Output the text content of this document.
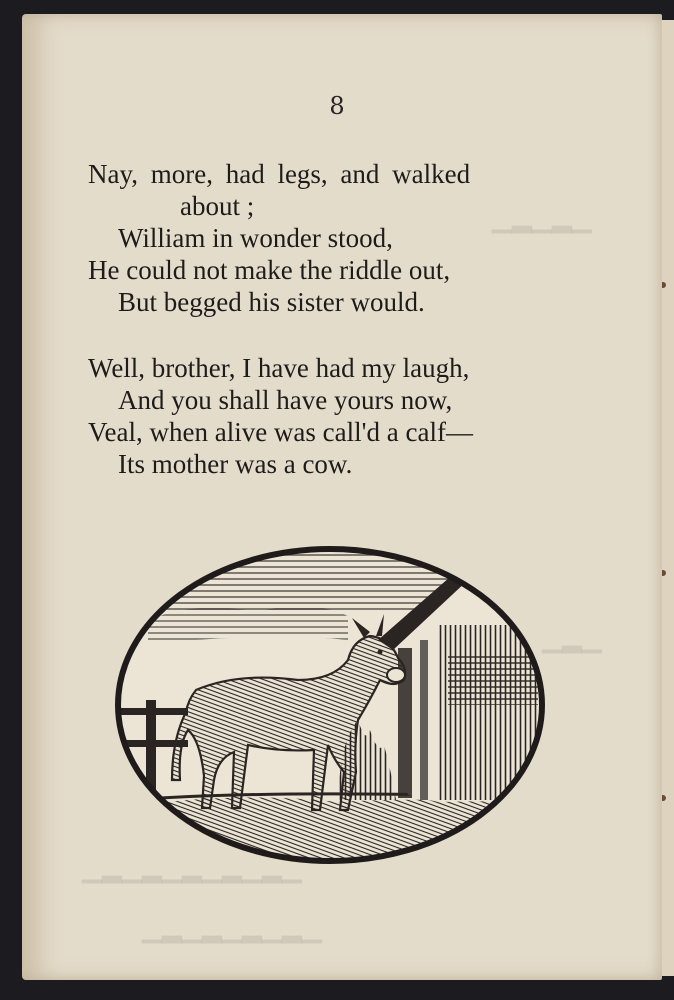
▁▂▁▂▁
▁▂▁
▁▂▁▂▁▂▁▂▁▂▁
▁▂▁▂▁▂▁▂▁
8
Nay, more, had legs, and walked
about ;
William in wonder stood,
He could not make the riddle out,
But begged his sister would.
Well, brother, I have had my laugh,
And you shall have yours now,
Veal, when alive was call'd a calf—
Its mother was a cow.
